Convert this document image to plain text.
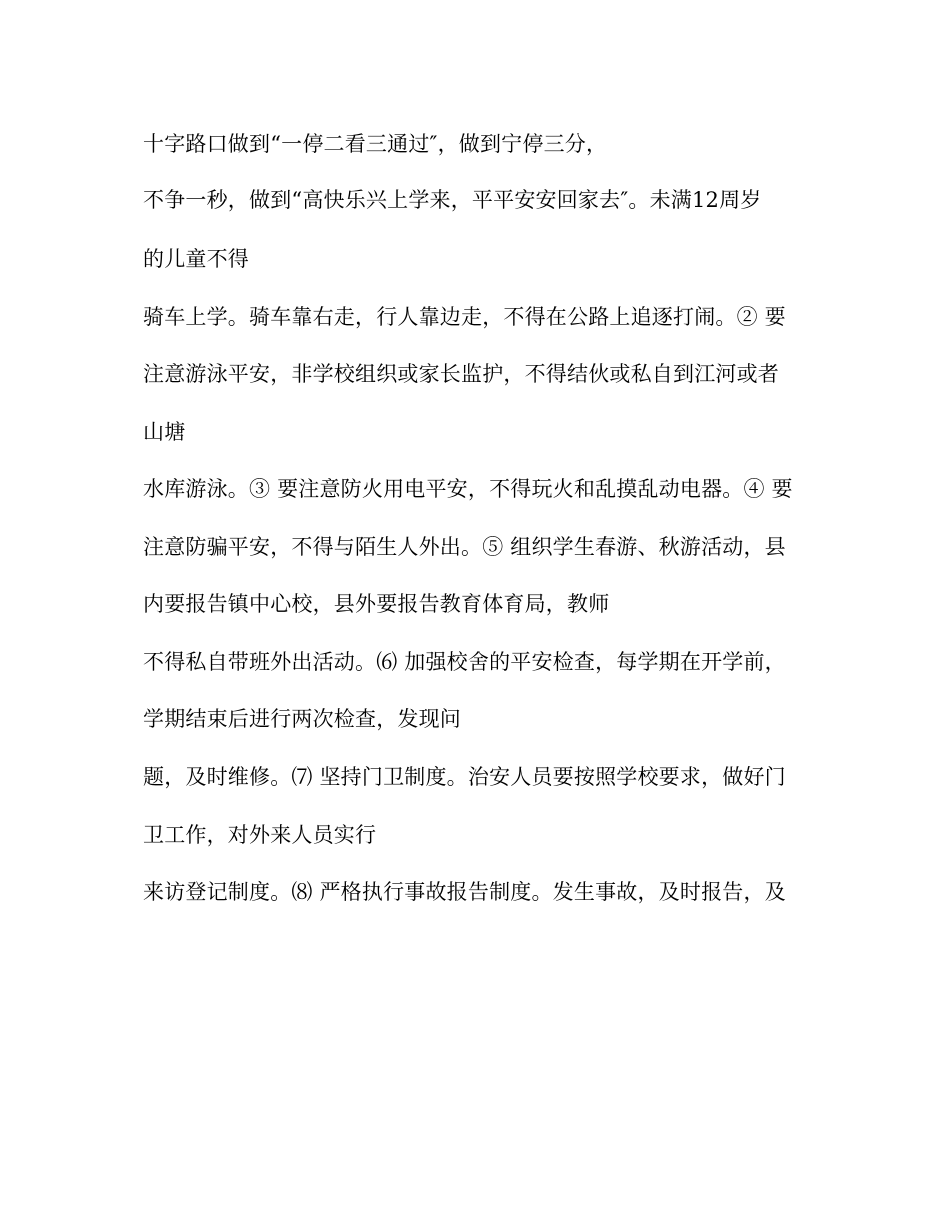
十字路口做到“一停二看三通过″，做到宁停三分，

不争一秒，做到“高快乐兴上学来，平平安安回家去″。未满12周岁

的儿童不得

骑车上学。骑车靠右走，行人靠边走，不得在公路上追逐打闹。② 要

注意游泳平安，非学校组织或家长监护，不得结伙或私自到江河或者

山塘

水库游泳。③ 要注意防火用电平安，不得玩火和乱摸乱动电器。④ 要

注意防骗平安，不得与陌生人外出。⑤ 组织学生春游、秋游活动，县

内要报告镇中心校，县外要报告教育体育局，教师

不得私自带班外出活动。⑹ 加强校舍的平安检查，每学期在开学前，

学期结束后进行两次检查，发现问

题，及时维修。⑺ 坚持门卫制度。治安人员要按照学校要求，做好门

卫工作，对外来人员实行

来访登记制度。⑻ 严格执行事故报告制度。发生事故，及时报告，及
